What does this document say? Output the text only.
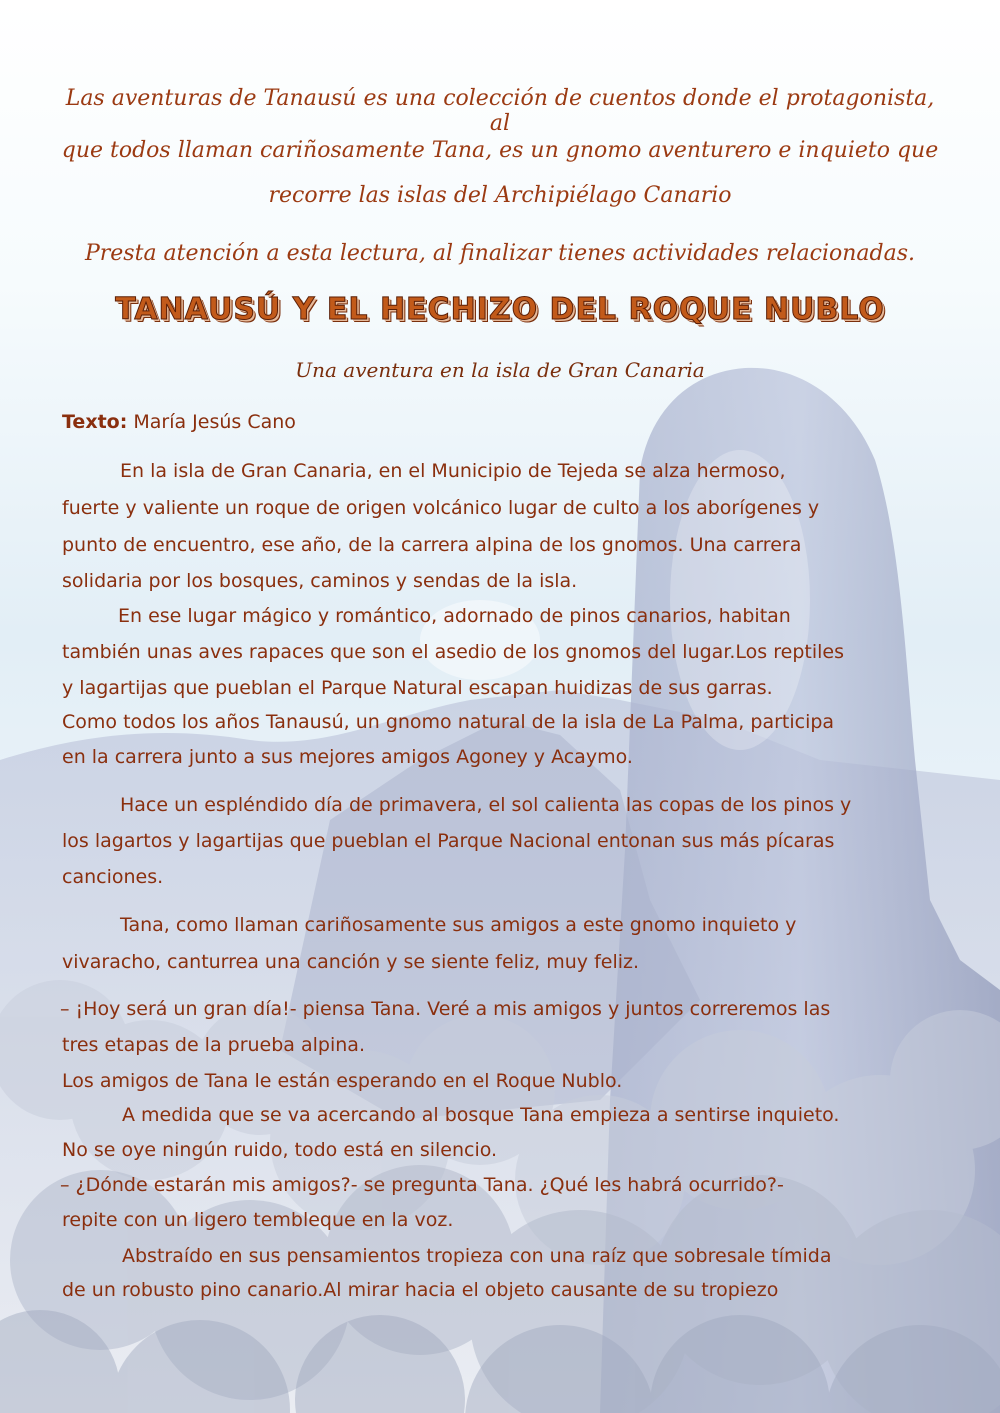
Las aventuras de Tanausú es una colección de cuentos donde el protagonista, al
que todos llaman cariñosamente Tana, es un gnomo aventurero e inquieto que
recorre las islas del Archipiélago Canario
Presta atención a esta lectura, al finalizar tienes actividades relacionadas.
TANAUSÚ Y EL HECHIZO DEL ROQUE NUBLO
Una aventura en la isla de Gran Canaria
Texto: María Jesús Cano
En la isla de Gran Canaria, en el Municipio de Tejeda se alza hermoso,
fuerte y valiente un roque de origen volcánico lugar de culto a los aborígenes y
punto de encuentro, ese año, de la carrera alpina de los gnomos. Una carrera
solidaria por los bosques, caminos y sendas de la isla.
En ese lugar mágico y romántico, adornado de pinos canarios, habitan
también unas aves rapaces que son el asedio de los gnomos del lugar.Los reptiles
y lagartijas que pueblan el Parque Natural escapan huidizas de sus garras.
Como todos los años Tanausú, un gnomo natural de la isla de La Palma, participa
en la carrera junto a sus mejores amigos Agoney y Acaymo.
Hace un espléndido día de primavera, el sol calienta las copas de los pinos y
los lagartos y lagartijas que pueblan el Parque Nacional entonan sus más pícaras
canciones.
Tana, como llaman cariñosamente sus amigos a este gnomo inquieto y
vivaracho, canturrea una canción y se siente feliz, muy feliz.
– ¡Hoy será un gran día!- piensa Tana. Veré a mis amigos y juntos correremos las
tres etapas de la prueba alpina.
Los amigos de Tana le están esperando en el Roque Nublo.
A medida que se va acercando al bosque Tana empieza a sentirse inquieto.
No se oye ningún ruido, todo está en silencio.
– ¿Dónde estarán mis amigos?- se pregunta Tana. ¿Qué les habrá ocurrido?-
repite con un ligero tembleque en la voz.
Abstraído en sus pensamientos tropieza con una raíz que sobresale tímida
de un robusto pino canario.Al mirar hacia el objeto causante de su tropiezo
